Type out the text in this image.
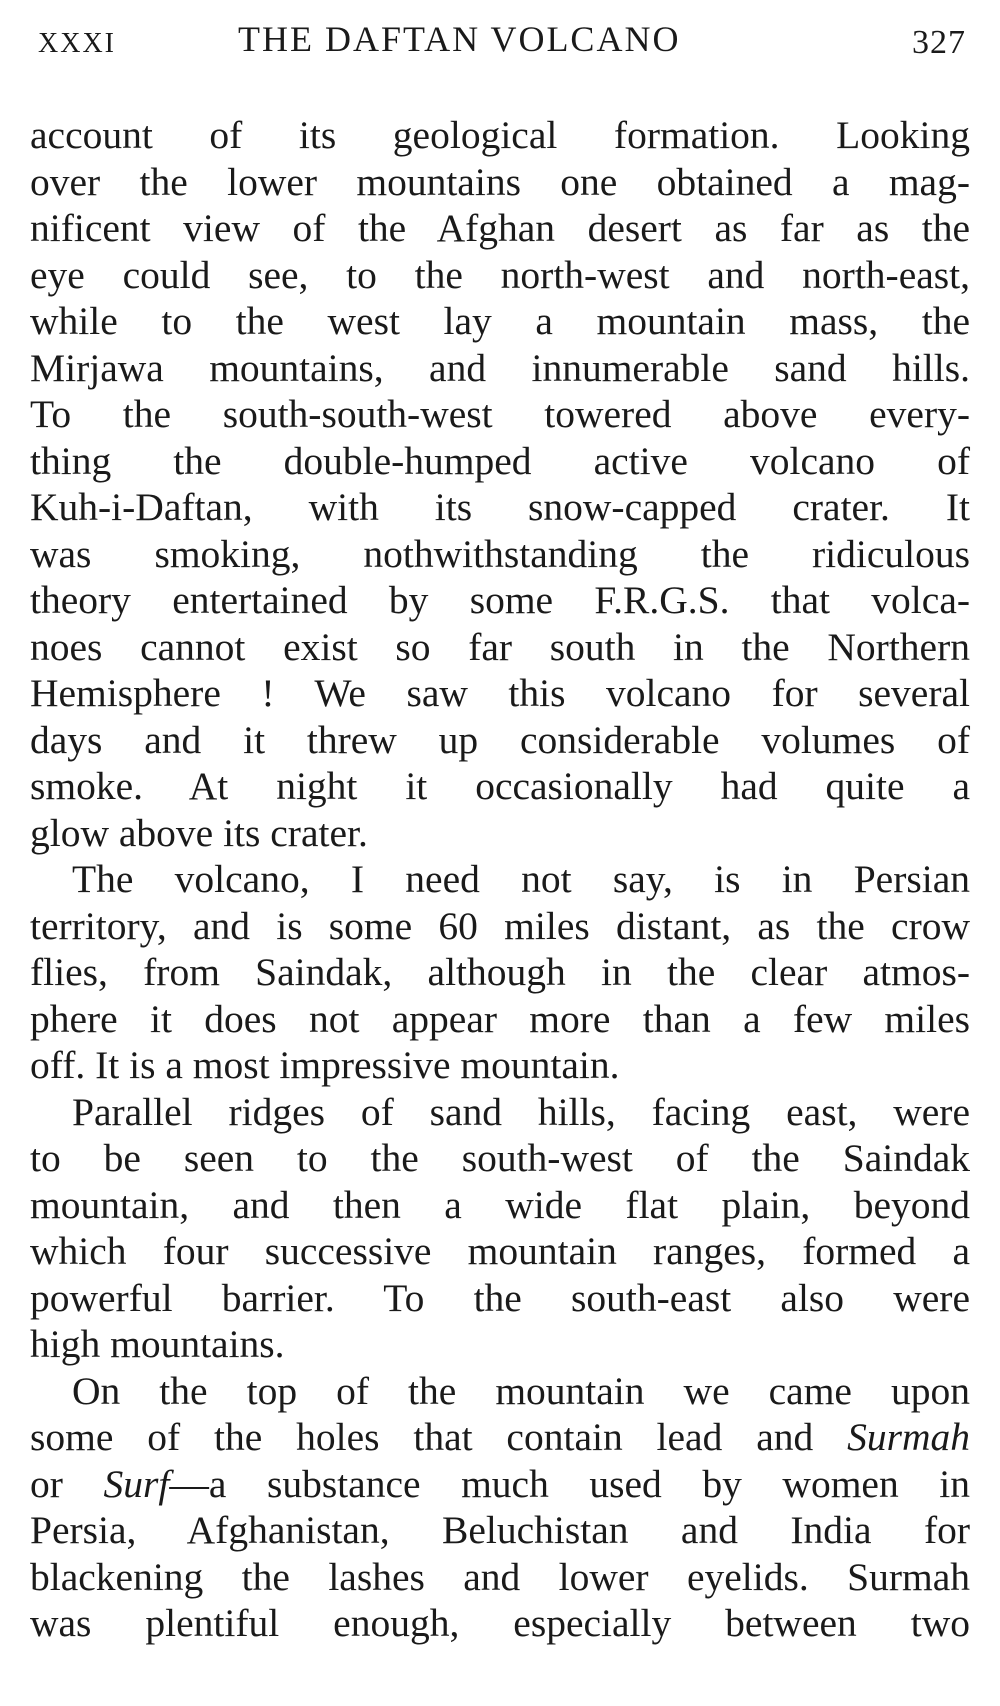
XXXI	THE DAFTAN VOLCANO	327

account of its geological formation. Looking
over the lower mountains one obtained a mag-
nificent view of the Afghan desert as far as the
eye could see, to the north-west and north-east,
while to the west lay a mountain mass, the
Mirjawa mountains, and innumerable sand hills.
To the south-south-west towered above every-
thing the double-humped active volcano of
Kuh-i-Daftan, with its snow-capped crater. It
was smoking, nothwithstanding the ridiculous
theory entertained by some F.R.G.S. that volca-
noes cannot exist so far south in the Northern
Hemisphere ! We saw this volcano for several
days and it threw up considerable volumes of
smoke. At night it occasionally had quite a
glow above its crater.

The volcano, I need not say, is in Persian
territory, and is some 60 miles distant, as the crow
flies, from Saindak, although in the clear atmos-
phere it does not appear more than a few miles
off. It is a most impressive mountain.

Parallel ridges of sand hills, facing east, were
to be seen to the south-west of the Saindak
mountain, and then a wide flat plain, beyond
which four successive mountain ranges, formed a
powerful barrier. To the south-east also were
high mountains.

On the top of the mountain we came upon
some of the holes that contain lead and Surmah
or Surf—a substance much used by women in
Persia, Afghanistan, Beluchistan and India for
blackening the lashes and lower eyelids. Surmah
was plentiful enough, especially between two
